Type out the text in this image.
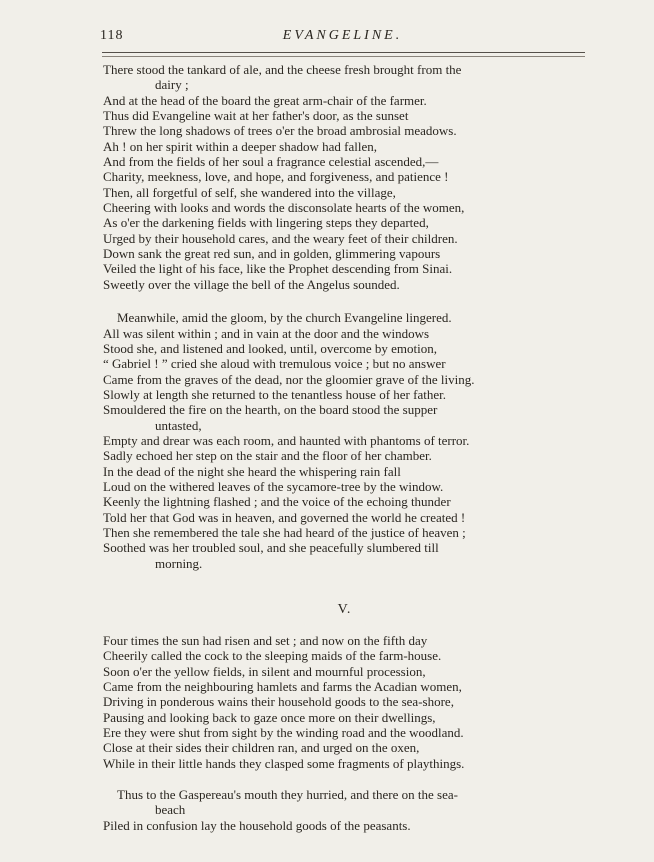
118	EVANGELINE.
There stood the tankard of ale, and the cheese fresh brought from the
dairy ;
And at the head of the board the great arm-chair of the farmer.
Thus did Evangeline wait at her father's door, as the sunset
Threw the long shadows of trees o'er the broad ambrosial meadows.
Ah ! on her spirit within a deeper shadow had fallen,
And from the fields of her soul a fragrance celestial ascended,—
Charity, meekness, love, and hope, and forgiveness, and patience !
Then, all forgetful of self, she wandered into the village,
Cheering with looks and words the disconsolate hearts of the women,
As o'er the darkening fields with lingering steps they departed,
Urged by their household cares, and the weary feet of their children.
Down sank the great red sun, and in golden, glimmering vapours
Veiled the light of his face, like the Prophet descending from Sinai.
Sweetly over the village the bell of the Angelus sounded.
Meanwhile, amid the gloom, by the church Evangeline lingered.
All was silent within ; and in vain at the door and the windows
Stood she, and listened and looked, until, overcome by emotion,
“ Gabriel ! ” cried she aloud with tremulous voice ; but no answer
Came from the graves of the dead, nor the gloomier grave of the living.
Slowly at length she returned to the tenantless house of her father.
Smouldered the fire on the hearth, on the board stood the supper
untasted,
Empty and drear was each room, and haunted with phantoms of terror.
Sadly echoed her step on the stair and the floor of her chamber.
In the dead of the night she heard the whispering rain fall
Loud on the withered leaves of the sycamore-tree by the window.
Keenly the lightning flashed ; and the voice of the echoing thunder
Told her that God was in heaven, and governed the world he created !
Then she remembered the tale she had heard of the justice of heaven ;
Soothed was her troubled soul, and she peacefully slumbered till
morning.
V.
Four times the sun had risen and set ; and now on the fifth day
Cheerily called the cock to the sleeping maids of the farm-house.
Soon o'er the yellow fields, in silent and mournful procession,
Came from the neighbouring hamlets and farms the Acadian women,
Driving in ponderous wains their household goods to the sea-shore,
Pausing and looking back to gaze once more on their dwellings,
Ere they were shut from sight by the winding road and the woodland.
Close at their sides their children ran, and urged on the oxen,
While in their little hands they clasped some fragments of playthings.
Thus to the Gaspereau's mouth they hurried, and there on the sea-
beach
Piled in confusion lay the household goods of the peasants.
